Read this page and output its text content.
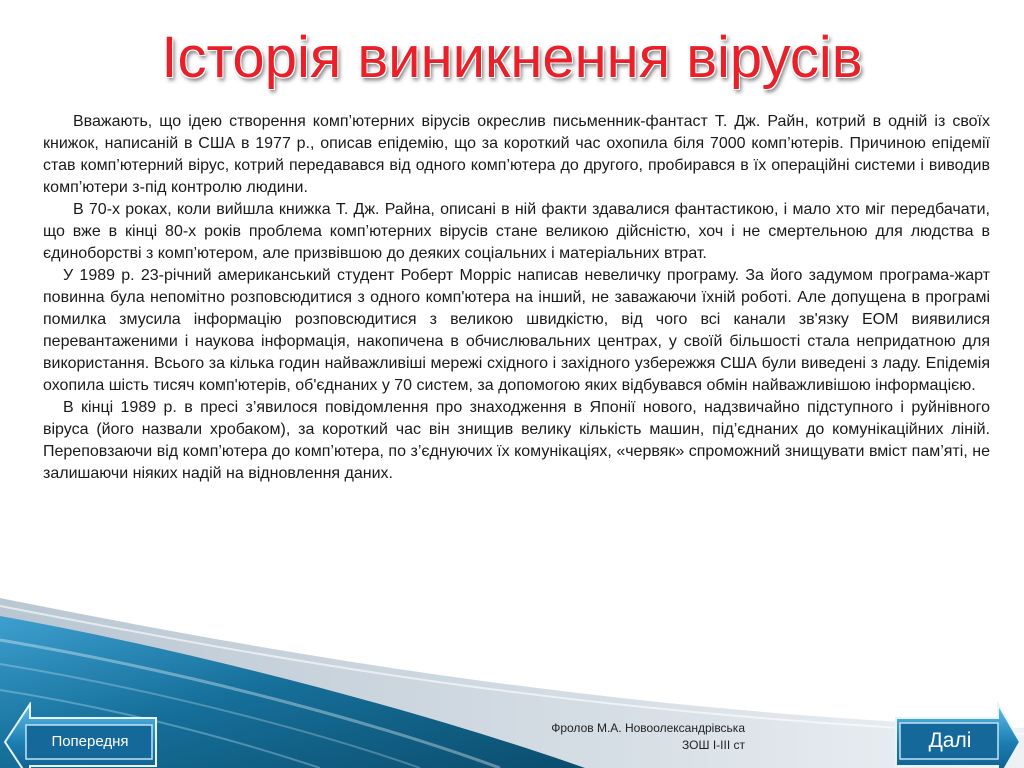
Історія виникнення вірусів

Вважають, що ідею створення комп’ютерних вірусів окреслив письменник-фантаст Т. Дж. Райн, котрий в одній із своїх книжок, написаній в США в 1977 р., описав епідемію, що за короткий час охопила біля 7000 комп’ютерів. Причиною епідемії став комп’ютерний вірус, котрий передавався від одного комп’ютера до другого, пробирався в їх операційні системи і виводив комп’ютери з-під контролю людини.

В 70-х роках, коли вийшла книжка Т. Дж. Райна, описані в ній факти здавалися фантастикою, і мало хто міг передбачати, що вже в кінці 80-х років проблема комп’ютерних вірусів стане великою дійсністю, хоч і не смертельною для людства в єдиноборстві з комп’ютером, але призвівшою до деяких соціальних і матеріальних втрат.

У 1989 р. 23-річний американський студент Роберт Морріс написав невеличку програму. За його задумом програма-жарт повинна була непомітно розповсюдитися з одного комп'ютера на інший, не заважаючи їхній роботі. Але допущена в програмі помилка змусила інформацію розповсюдитися з великою швидкістю, від чого всі канали зв'язку ЕОМ виявилися перевантаженими і наукова інформація, накопичена в обчислювальних центрах, у своїй більшості стала непридатною для використання. Всього за кілька годин найважливіші мережі східного і західного узбережжя США були виведені з ладу. Епідемія охопила шість тисяч комп'ютерів, об'єднаних у 70 систем, за допомогою яких відбувався обмін найважливішою інформацією.

В кінці 1989 р. в пресі з’явилося повідомлення про знаходження в Японії нового, надзвичайно підступного і руйнівного віруса (його назвали хробаком), за короткий час він знищив велику кількість машин, під’єднаних до комунікаційних ліній. Переповзаючи від комп’ютера до комп’ютера, по з’єднуючих їх комунікаціях, «червяк» спроможний знищувати вміст пам’яті, не залишаючи ніяких надій на відновлення даних.

Фролов М.А. Новоолександрівська
ЗОШ І-ІІІ ст
Попередня	Далі
